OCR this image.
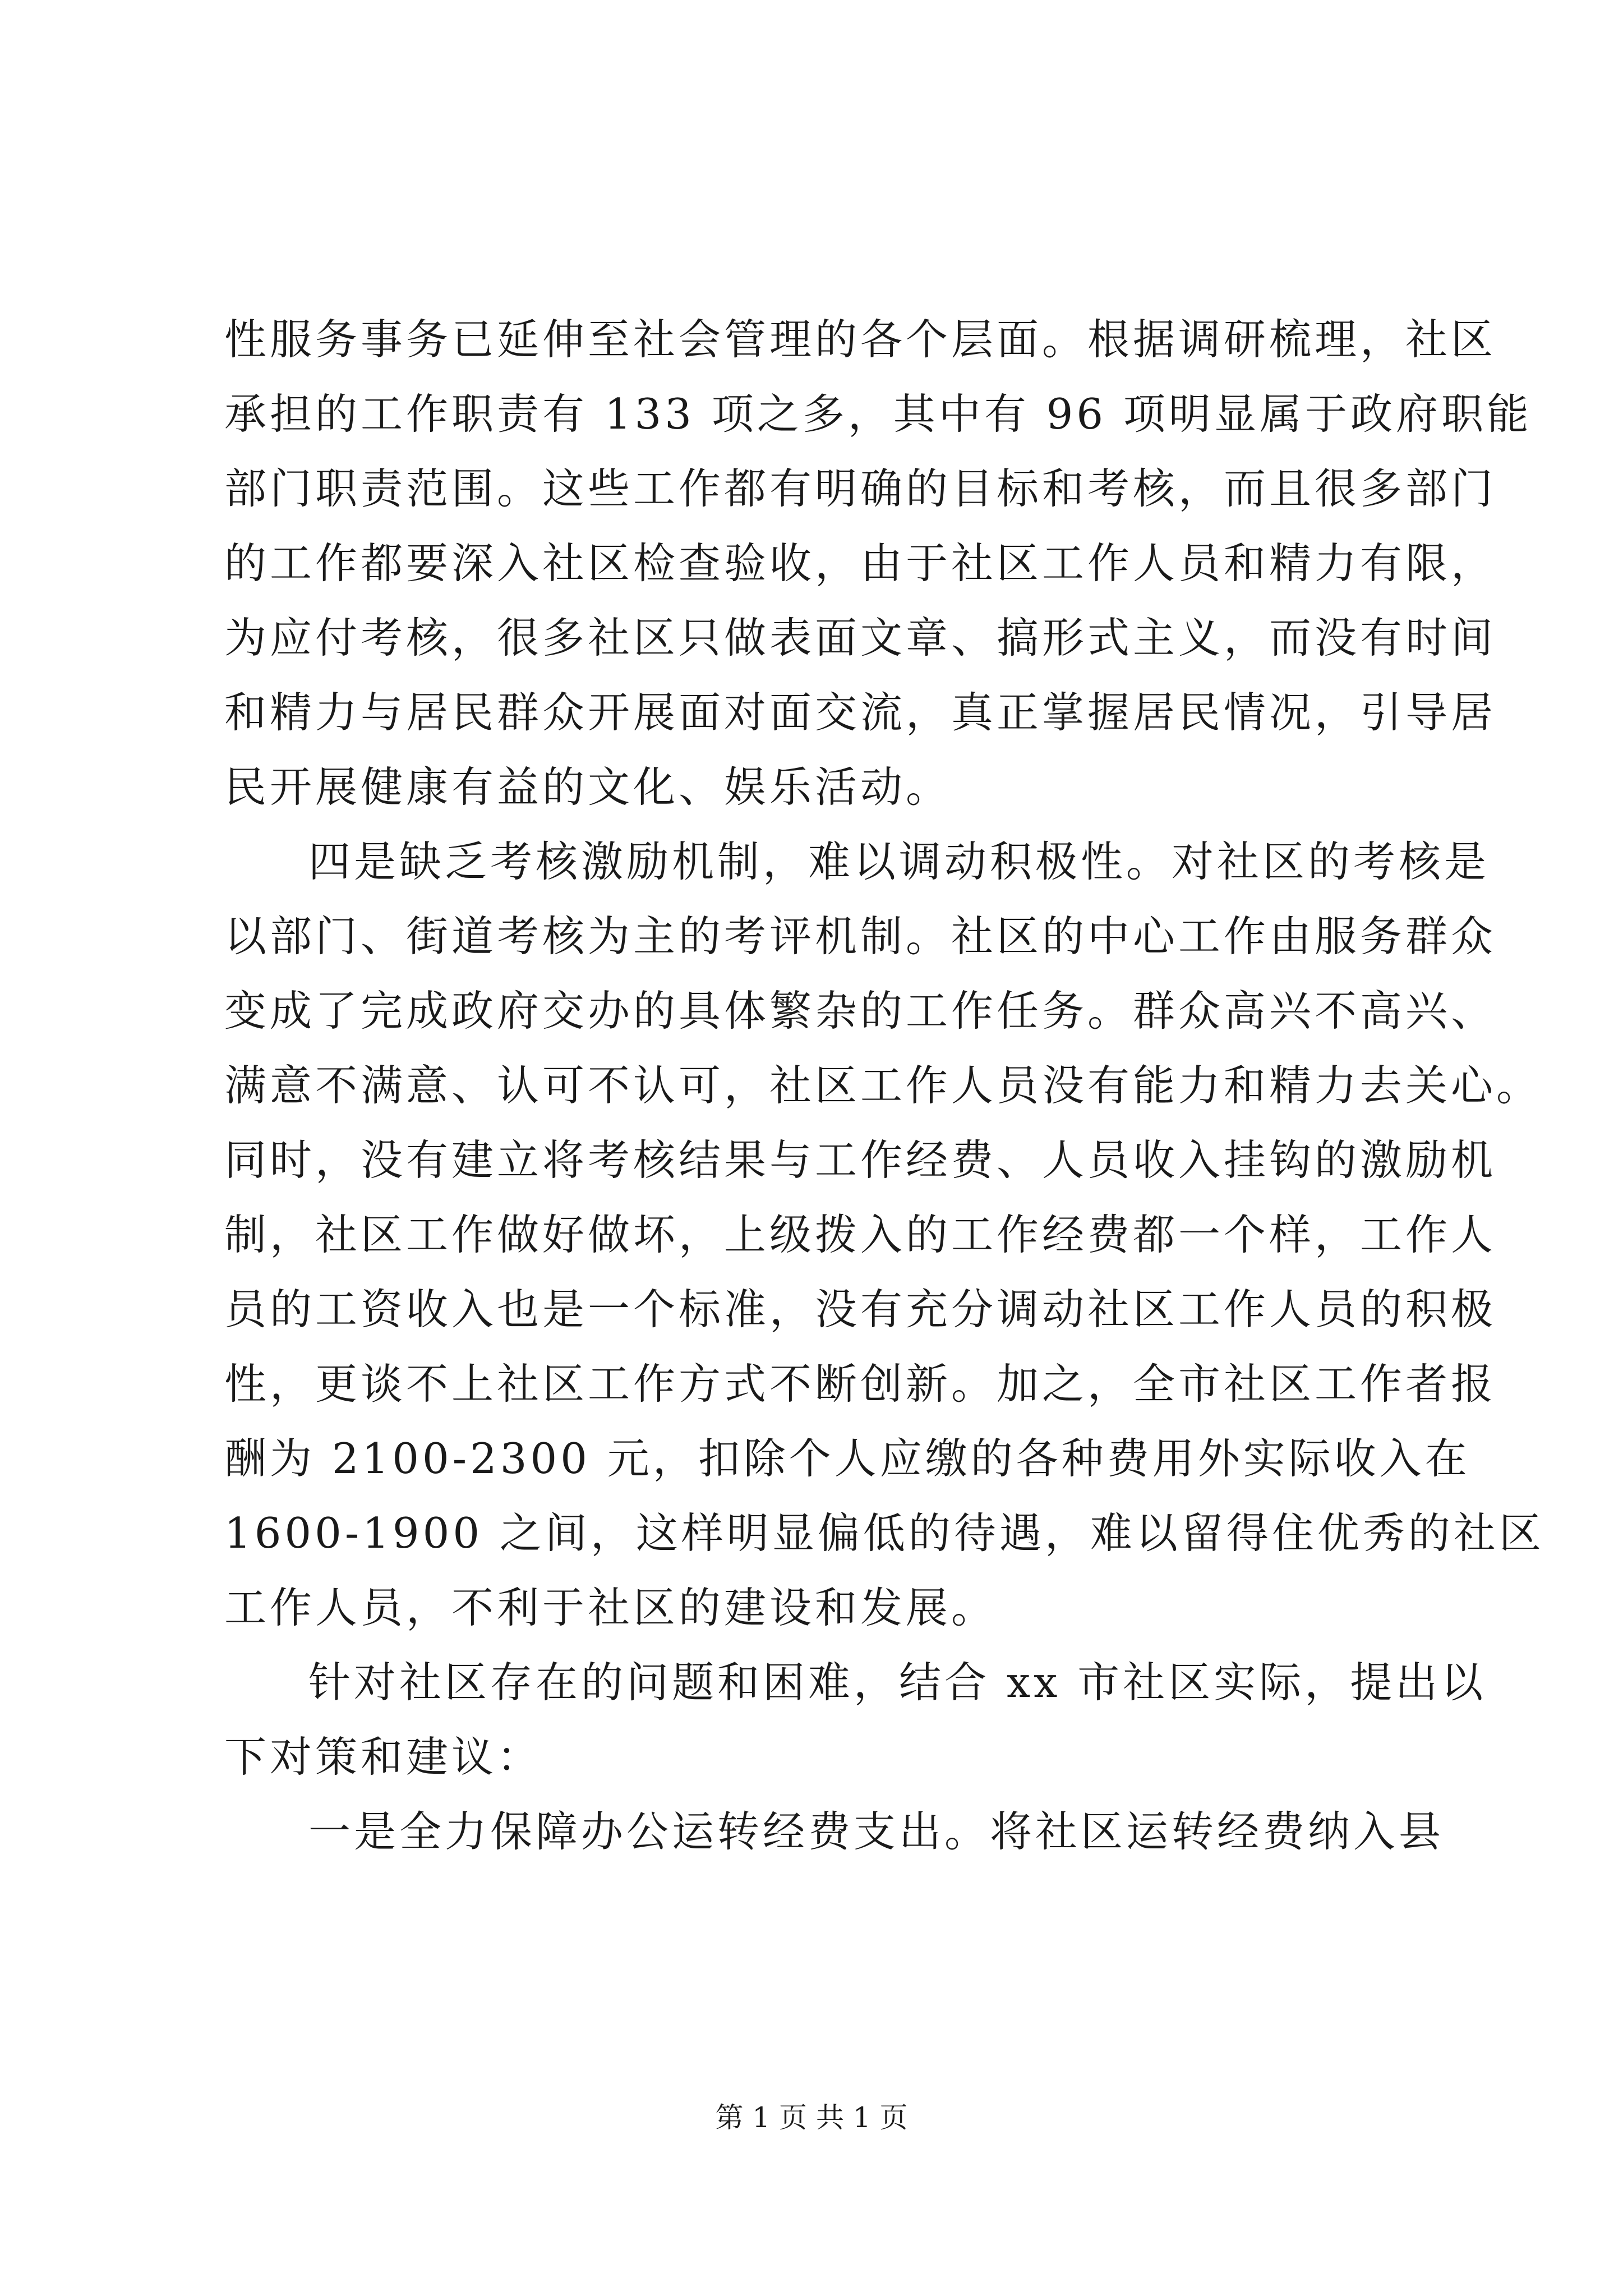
性服务事务已延伸至社会管理的各个层面。根据调研梳理，社区
承担的工作职责有 133 项之多，其中有 96 项明显属于政府职能
部门职责范围。这些工作都有明确的目标和考核，而且很多部门
的工作都要深入社区检查验收，由于社区工作人员和精力有限，
为应付考核，很多社区只做表面文章、搞形式主义，而没有时间
和精力与居民群众开展面对面交流，真正掌握居民情况，引导居
民开展健康有益的文化、娱乐活动。
四是缺乏考核激励机制，难以调动积极性。对社区的考核是
以部门、街道考核为主的考评机制。社区的中心工作由服务群众
变成了完成政府交办的具体繁杂的工作任务。群众高兴不高兴、
满意不满意、认可不认可，社区工作人员没有能力和精力去关心。
同时，没有建立将考核结果与工作经费、人员收入挂钩的激励机
制，社区工作做好做坏，上级拨入的工作经费都一个样，工作人
员的工资收入也是一个标准，没有充分调动社区工作人员的积极
性，更谈不上社区工作方式不断创新。加之，全市社区工作者报
酬为 2100-2300 元，扣除个人应缴的各种费用外实际收入在
1600-1900 之间，这样明显偏低的待遇，难以留得住优秀的社区
工作人员，不利于社区的建设和发展。
针对社区存在的问题和困难，结合 xx 市社区实际，提出以
下对策和建议：
一是全力保障办公运转经费支出。将社区运转经费纳入县
第 1 页 共 1 页
